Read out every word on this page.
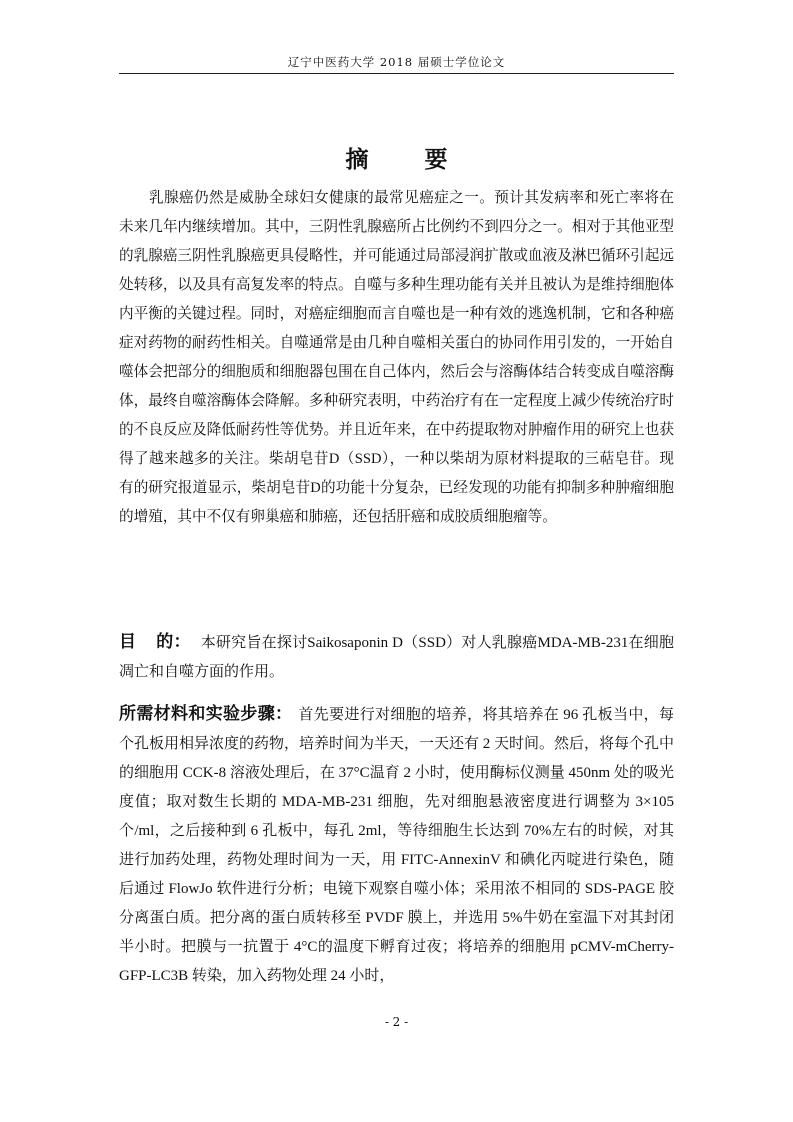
辽宁中医药大学 2018 届硕士学位论文
摘 要

乳腺癌仍然是威胁全球妇女健康的最常见癌症之一。预计其发病率和死亡率将在未来几年内继续增加。其中，三阴性乳腺癌所占比例约不到四分之一。相对于其他亚型的乳腺癌三阴性乳腺癌更具侵略性，并可能通过局部浸润扩散或血液及淋巴循环引起远处转移，以及具有高复发率的特点。自噬与多种生理功能有关并且被认为是维持细胞体内平衡的关键过程。同时，对癌症细胞而言自噬也是一种有效的逃逸机制，它和各种癌症对药物的耐药性相关。自噬通常是由几种自噬相关蛋白的协同作用引发的，一开始自噬体会把部分的细胞质和细胞器包围在自己体内，然后会与溶酶体结合转变成自噬溶酶体，最终自噬溶酶体会降解。多种研究表明，中药治疗有在一定程度上减少传统治疗时的不良反应及降低耐药性等优势。并且近年来，在中药提取物对肿瘤作用的研究上也获得了越来越多的关注。柴胡皂苷D（SSD），一种以柴胡为原材料提取的三萜皂苷。现有的研究报道显示，柴胡皂苷D的功能十分复杂，已经发现的功能有抑制多种肿瘤细胞的增殖，其中不仅有卵巢癌和肺癌，还包括肝癌和成胶质细胞瘤等。

目的： 本研究旨在探讨Saikosaponin D（SSD）对人乳腺癌MDA-MB-231在细胞凋亡和自噬方面的作用。

所需材料和实验步骤： 首先要进行对细胞的培养，将其培养在 96 孔板当中，每个孔板用相异浓度的药物，培养时间为半天，一天还有 2 天时间。然后，将每个孔中的细胞用 CCK-8 溶液处理后，在 37°C温育 2 小时，使用酶标仪测量 450nm 处的吸光度值；取对数生长期的 MDA-MB-231 细胞，先对细胞悬液密度进行调整为 3×105 个/ml，之后接种到 6 孔板中，每孔 2ml，等待细胞生长达到 70%左右的时候，对其进行加药处理，药物处理时间为一天，用 FITC-AnnexinV 和碘化丙啶进行染色，随后通过 FlowJo 软件进行分析；电镜下观察自噬小体；采用浓不相同的 SDS-PAGE 胶分离蛋白质。把分离的蛋白质转移至 PVDF 膜上，并选用 5%牛奶在室温下对其封闭半小时。把膜与一抗置于 4°C的温度下孵育过夜；将培养的细胞用 pCMV-mCherry-GFP-LC3B 转染，加入药物处理 24 小时，

- 2 -
